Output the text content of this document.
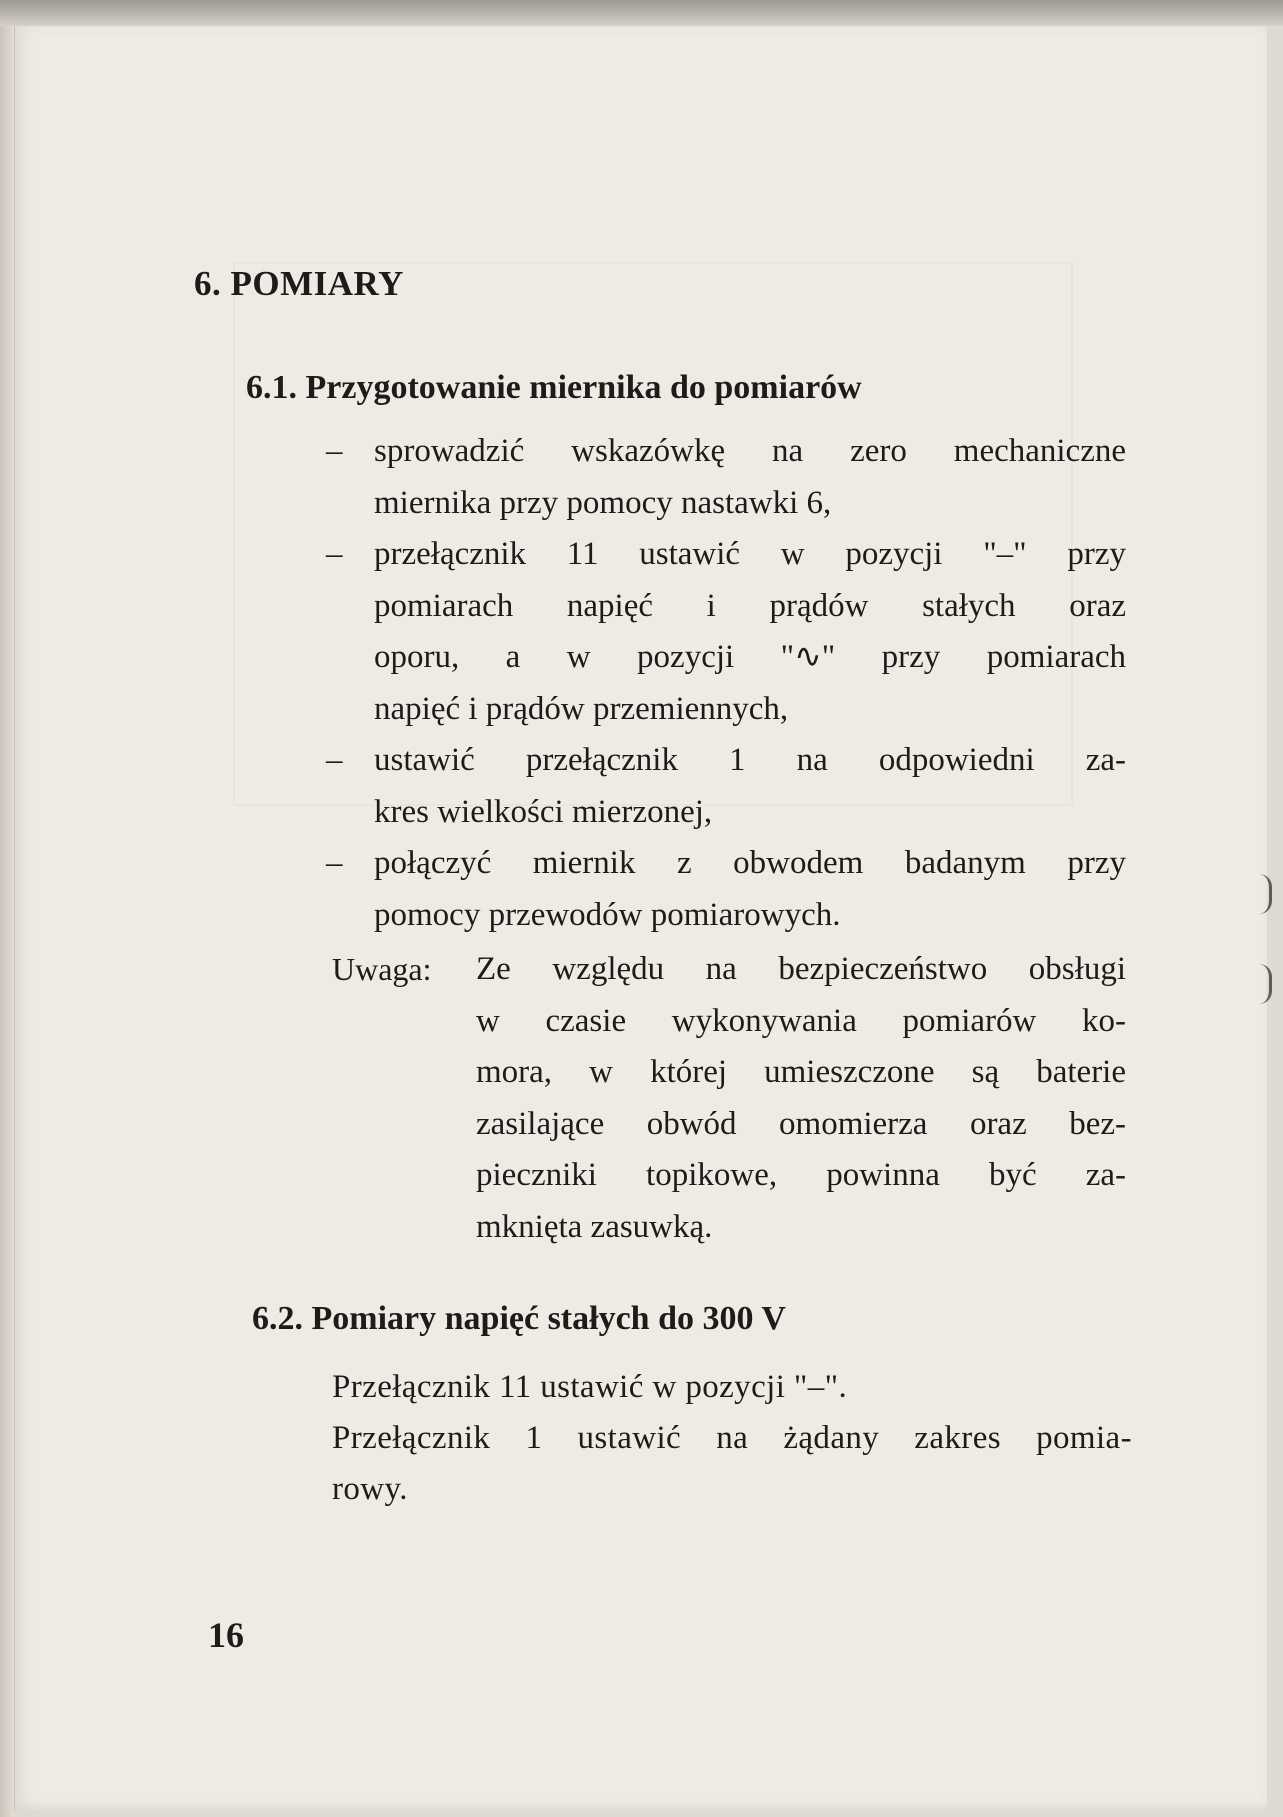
6. POMIARY
6.1. Przygotowanie miernika do pomiarów
– sprowadzić wskazówkę na zero mechaniczne
miernika przy pomocy nastawki 6,
– przełącznik 11 ustawić w pozycji "–" przy
pomiarach napięć i prądów stałych oraz
oporu, a w pozycji "∿" przy pomiarach
napięć i prądów przemiennych,
– ustawić przełącznik 1 na odpowiedni za-
kres wielkości mierzonej,
– połączyć miernik z obwodem badanym przy
pomocy przewodów pomiarowych.
Uwaga: Ze względu na bezpieczeństwo obsługi
w czasie wykonywania pomiarów ko-
mora, w której umieszczone są baterie
zasilające obwód omomierza oraz bez-
pieczniki topikowe, powinna być za-
mknięta zasuwką.
6.2. Pomiary napięć stałych do 300 V
Przełącznik 11 ustawić w pozycji "–".
Przełącznik 1 ustawić na żądany zakres pomia-
rowy.
16
